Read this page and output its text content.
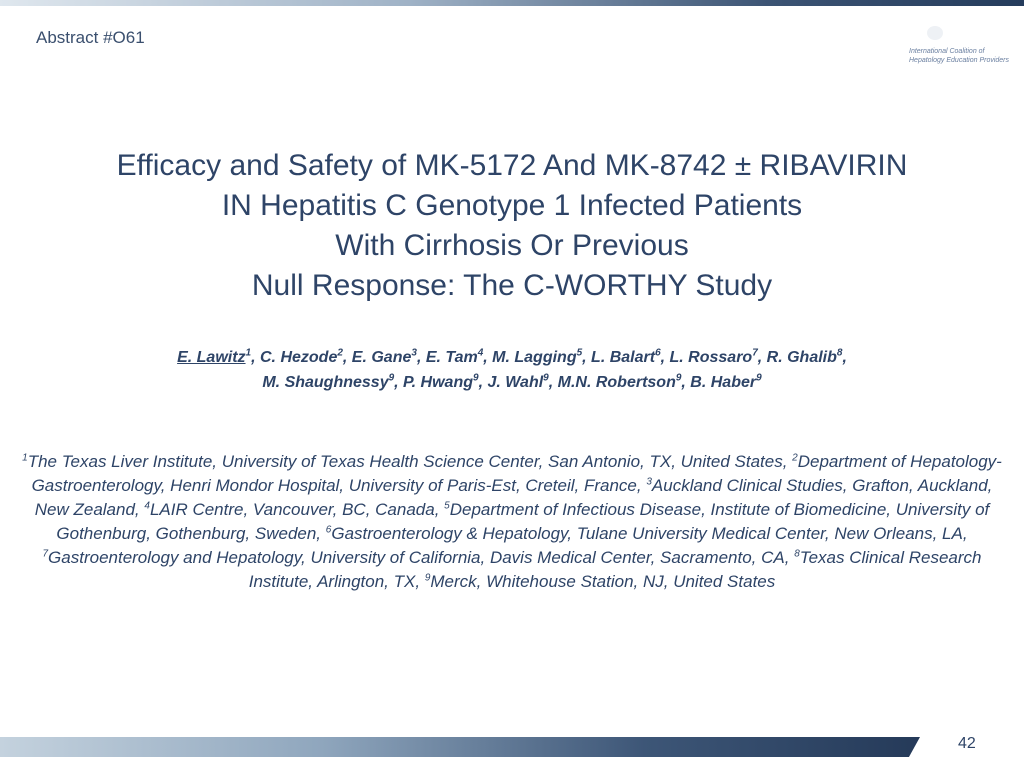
Abstract #O61
International Coalition of
Hepatology Education Providers
Efficacy and Safety of MK-5172 And MK-8742 ± RIBAVIRIN
IN Hepatitis C Genotype 1 Infected Patients
With Cirrhosis Or Previous
Null Response: The C-WORTHY Study
E. Lawitz$^1$, C. Hezode$^2$, E. Gane$^3$, E. Tam$^4$, M. Lagging$^5$, L. Balart$^6$, L. Rossaro$^7$, R. Ghalib$^8$,
M. Shaughnessy$^9$, P. Hwang$^9$, J. Wahl$^9$, M.N. Robertson$^9$, B. Haber$^9$
$^1$The Texas Liver Institute, University of Texas Health Science Center, San Antonio, TX, United States, $^2$Department of Hepatology-Gastroenterology, Henri Mondor Hospital, University of Paris-Est, Creteil, France, $^3$Auckland Clinical Studies, Grafton, Auckland, New Zealand, $^4$LAIR Centre, Vancouver, BC, Canada, $^5$Department of Infectious Disease, Institute of Biomedicine, University of Gothenburg, Gothenburg, Sweden, $^6$Gastroenterology & Hepatology, Tulane University Medical Center, New Orleans, LA, $^7$Gastroenterology and Hepatology, University of California, Davis Medical Center, Sacramento, CA, $^8$Texas Clinical Research Institute, Arlington, TX, $^9$Merck, Whitehouse Station, NJ, United States
42
